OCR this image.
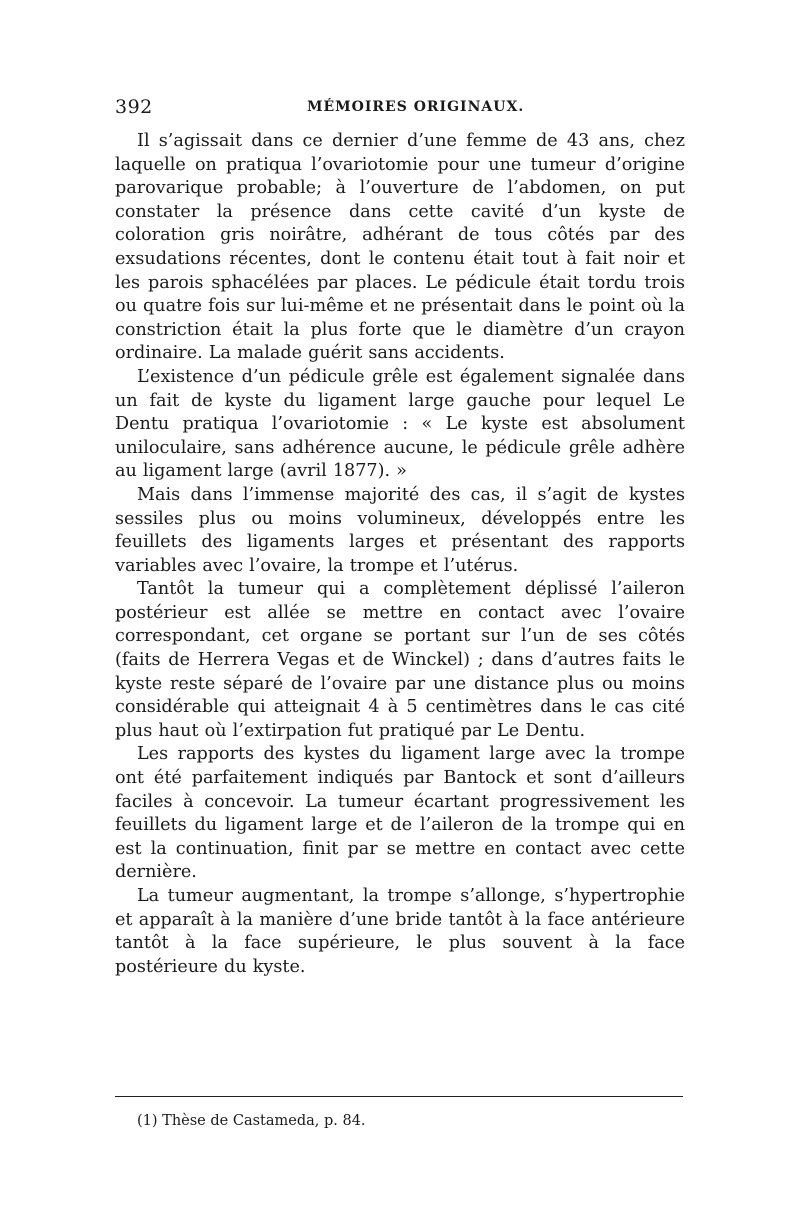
392	MÉMOIRES ORIGINAUX.

Il s’agissait dans ce dernier d’une femme de 43 ans, chez laquelle on pratiqua l’ovariotomie pour une tumeur d’origine parovarique probable; à l’ouverture de l’abdomen, on put constater la présence dans cette cavité d’un kyste de coloration gris noirâtre, adhérant de tous côtés par des exsudations récentes, dont le contenu était tout à fait noir et les parois sphacélées par places. Le pédicule était tordu trois ou quatre fois sur lui-même et ne présentait dans le point où la constriction était la plus forte que le diamètre d’un crayon ordinaire. La malade guérit sans accidents.

L’existence d’un pédicule grêle est également signalée dans un fait de kyste du ligament large gauche pour lequel Le Dentu pratiqua l’ovariotomie : « Le kyste est absolument uniloculaire, sans adhérence aucune, le pédicule grêle adhère au ligament large (avril 1877). »

Mais dans l’immense majorité des cas, il s’agit de kystes sessiles plus ou moins volumineux, développés entre les feuillets des ligaments larges et présentant des rapports variables avec l’ovaire, la trompe et l’utérus.

Tantôt la tumeur qui a complètement déplissé l’aileron postérieur est allée se mettre en contact avec l’ovaire correspondant, cet organe se portant sur l’un de ses côtés (faits de Herrera Vegas et de Winckel) ; dans d’autres faits le kyste reste séparé de l’ovaire par une distance plus ou moins considérable qui atteignait 4 à 5 centimètres dans le cas cité plus haut où l’extirpation fut pratiqué par Le Dentu.

Les rapports des kystes du ligament large avec la trompe ont été parfaitement indiqués par Bantock et sont d’ailleurs faciles à concevoir. La tumeur écartant progressivement les feuillets du ligament large et de l’aileron de la trompe qui en est la continuation, finit par se mettre en contact avec cette dernière.

La tumeur augmentant, la trompe s’allonge, s’hypertrophie et apparaît à la manière d’une bride tantôt à la face antérieure tantôt à la face supérieure, le plus souvent à la face postérieure du kyste.

(1) Thèse de Castameda, p. 84.
